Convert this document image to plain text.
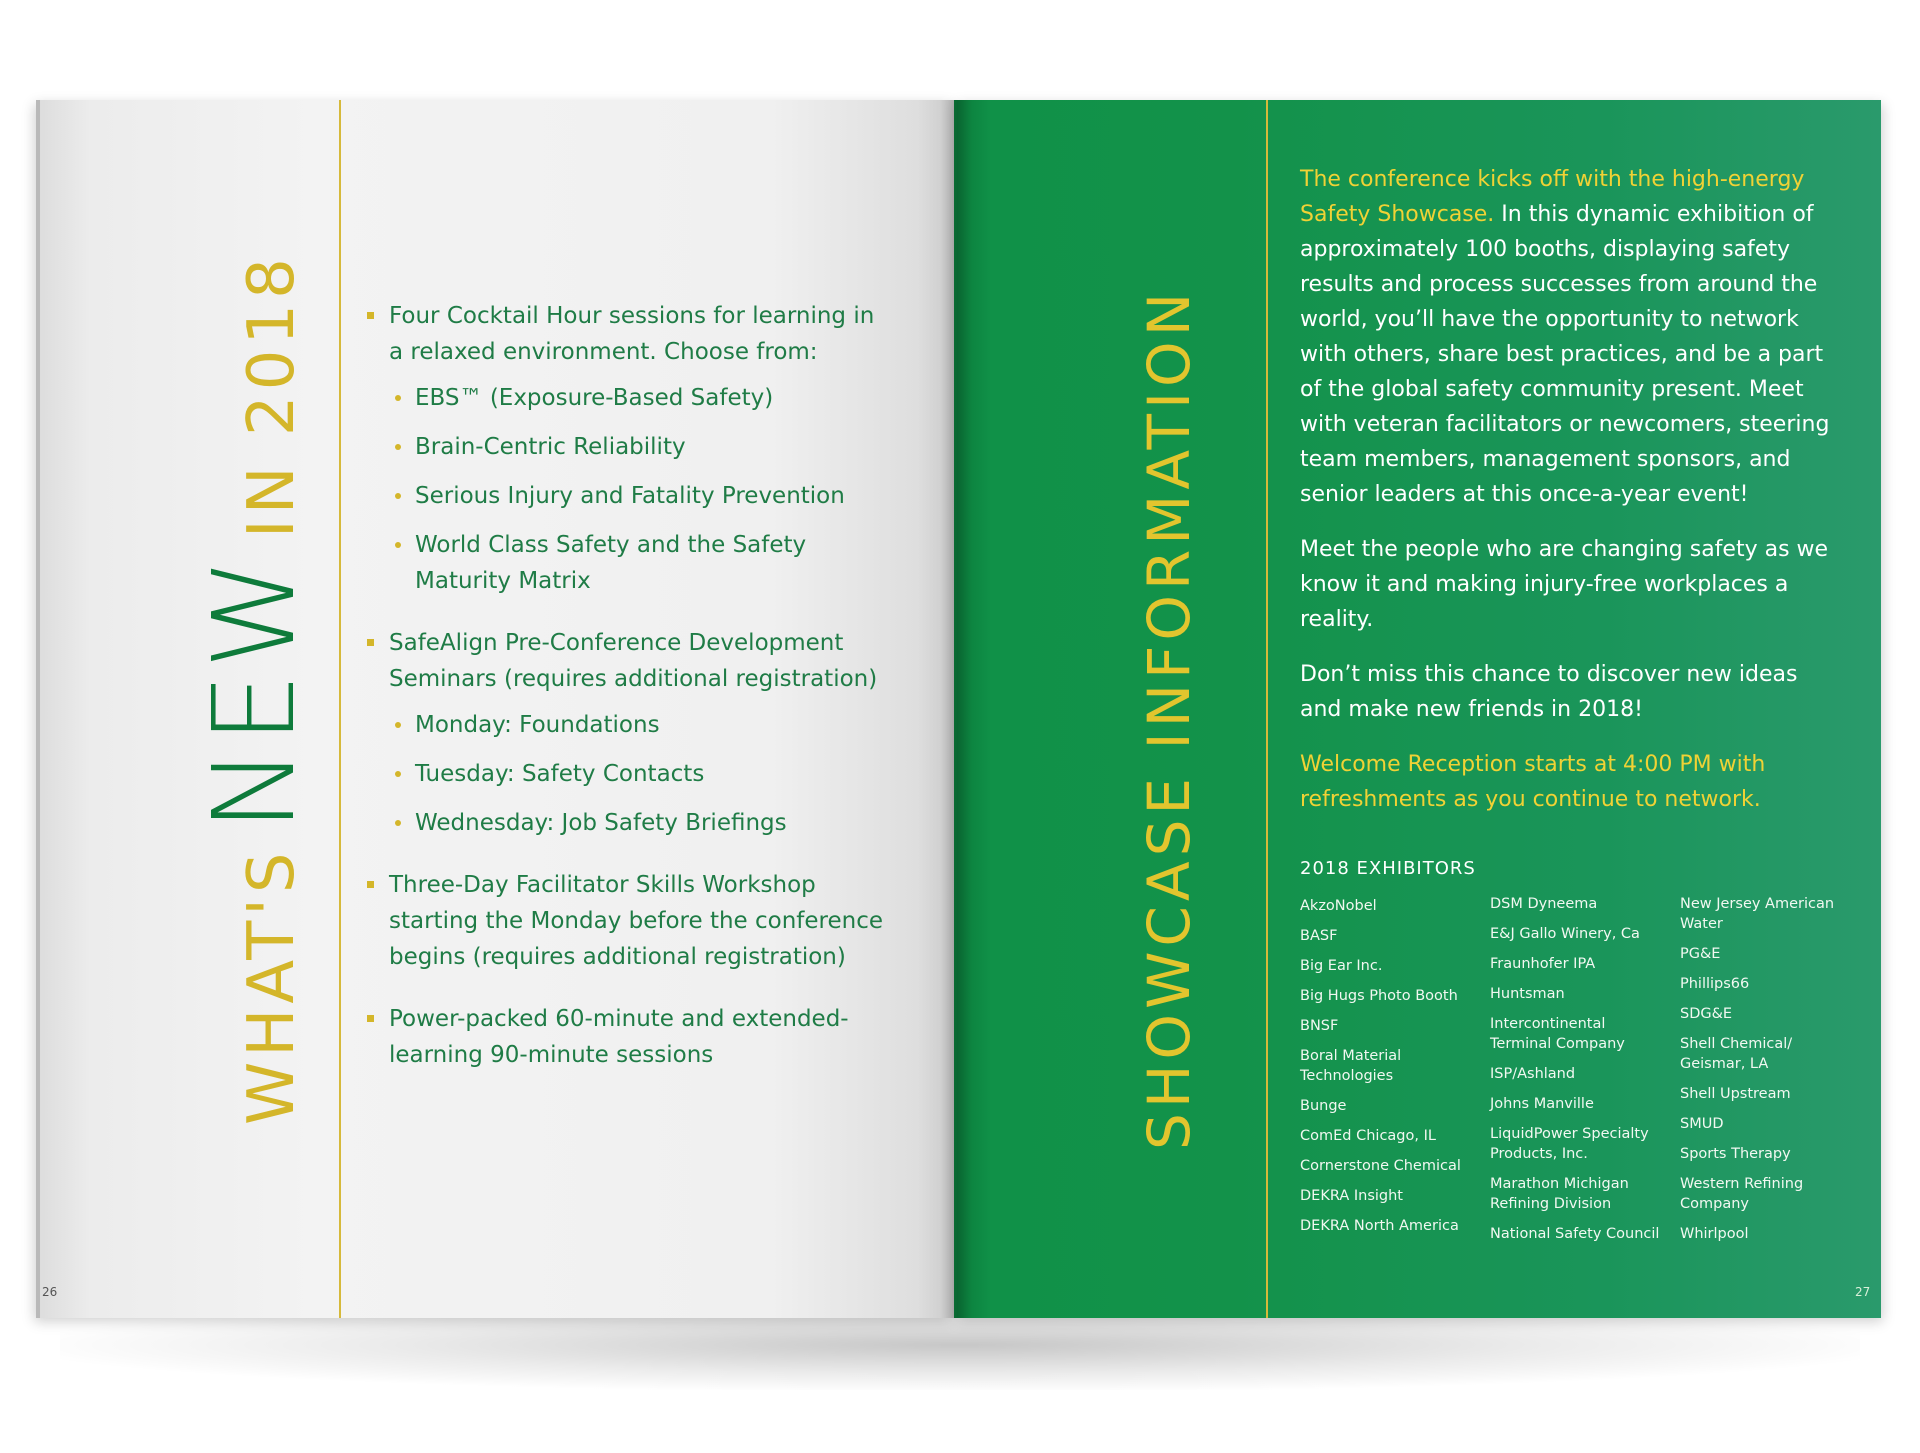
WHAT'S
NEW
IN 2018	Four Cocktail Hour sessions for learning in a relaxed environment. Choose from:
EBS™ (Exposure-Based Safety)
Brain-Centric Reliability
Serious Injury and Fatality Prevention
World Class Safety and the Safety Maturity Matrix
SafeAlign Pre-Conference Development Seminars (requires additional registration)
Monday: Foundations
Tuesday: Safety Contacts
Wednesday: Job Safety Briefings
Three-Day Facilitator Skills Workshop starting the Monday before the conference begins (requires additional registration)
Power-packed 60-minute and extended-learning 90-minute sessions
26
SHOWCASE INFORMATION

The conference kicks off with the high-energy Safety Showcase. In this dynamic exhibition of approximately 100 booths, displaying safety results and process successes from around the world, you’ll have the opportunity to network with others, share best practices, and be a part of the global safety community present. Meet with veteran facilitators or newcomers, steering team members, management sponsors, and senior leaders at this once-a-year event!

Meet the people who are changing safety as we know it and making injury-free workplaces a reality.

Don’t miss this chance to discover new ideas and make new friends in 2018!

Welcome Reception starts at 4:00 PM with refreshments as you continue to network.

2018 EXHIBITORS
AkzoNobel
BASF
Big Ear Inc.
Big Hugs Photo Booth
BNSF
Boral Material Technologies
Bunge
ComEd Chicago, IL
Cornerstone Chemical
DEKRA Insight
DEKRA North America
DSM Dyneema
E&J Gallo Winery, Ca
Fraunhofer IPA
Huntsman
Intercontinental Terminal Company
ISP/Ashland
Johns Manville
LiquidPower Specialty Products, Inc.
Marathon Michigan Refining Division
National Safety Council
New Jersey American Water
PG&E
Phillips66
SDG&E
Shell Chemical/ Geismar, LA
Shell Upstream
SMUD
Sports Therapy
Western Refining Company
Whirlpool
27
